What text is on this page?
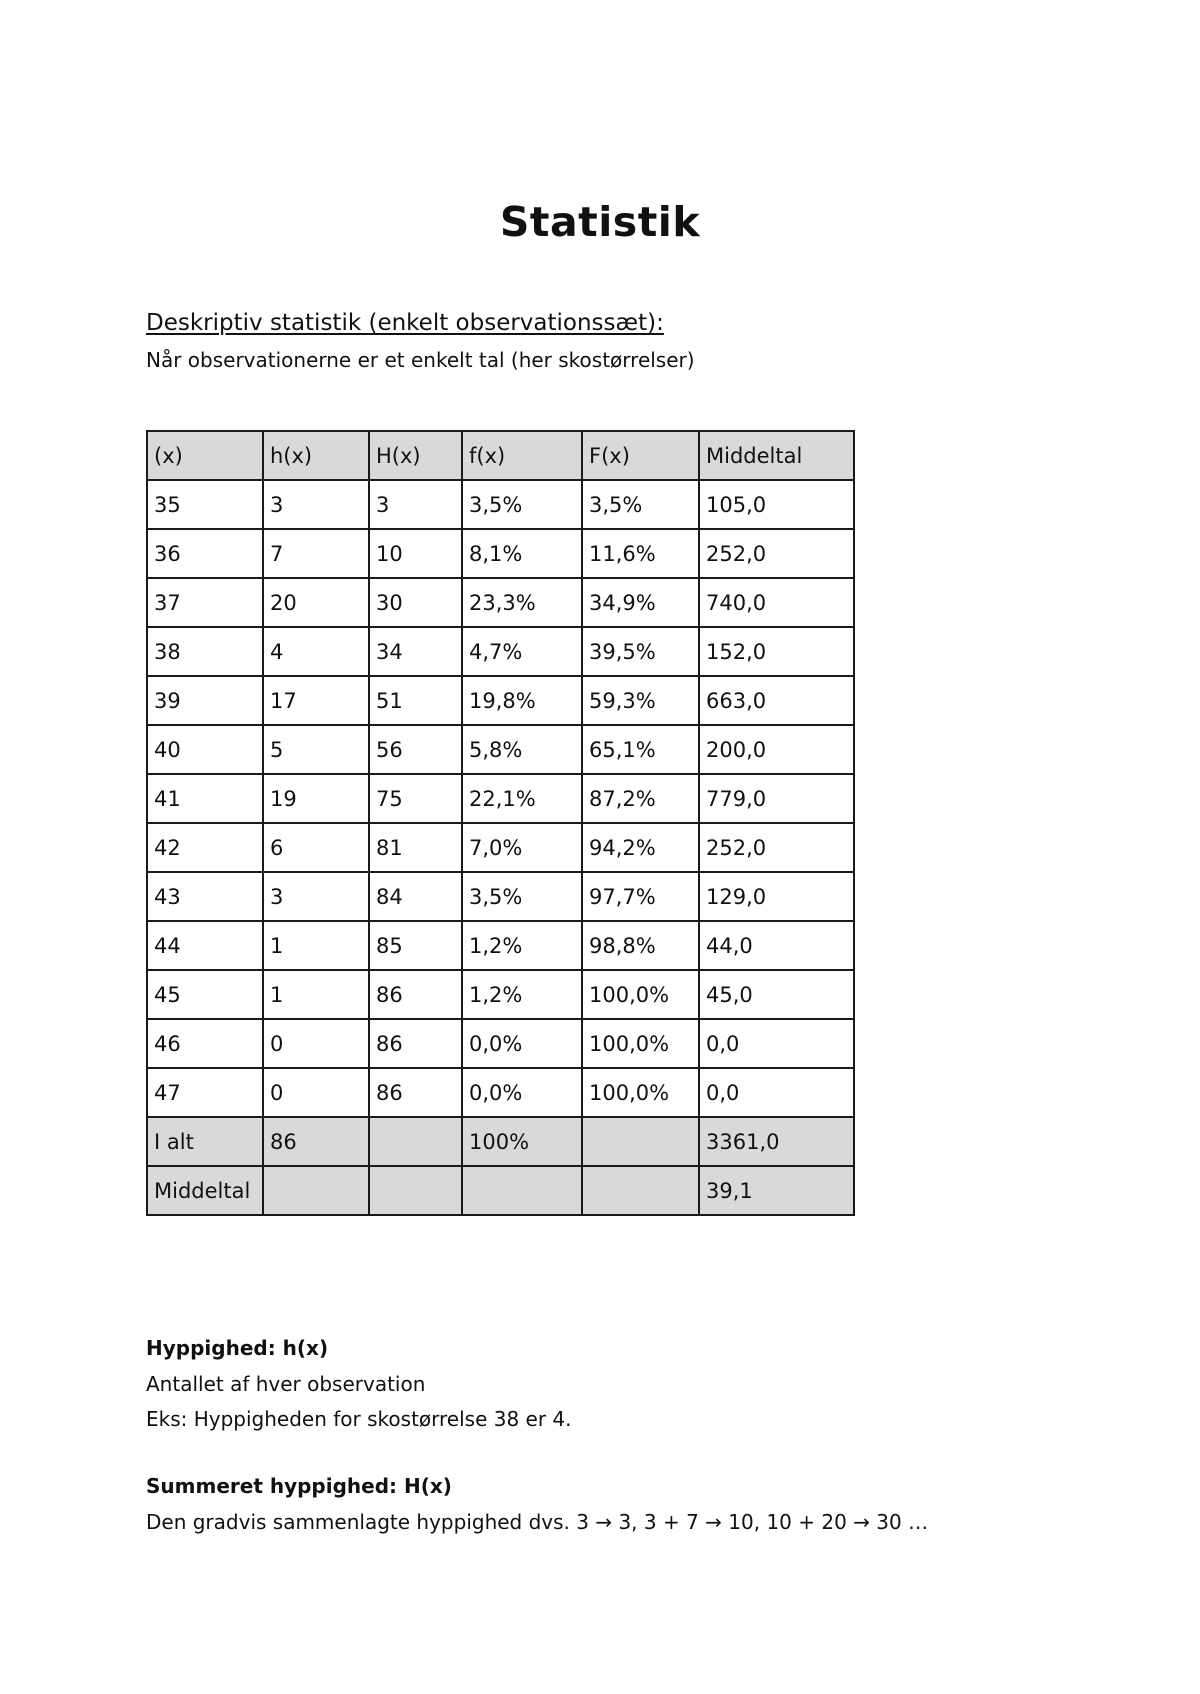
Statistik
Deskriptiv statistik (enkelt observationssæt):
Når observationerne er et enkelt tal (her skostørrelser)
(x)	h(x)	H(x)	f(x)	F(x)	Middeltal
35	3	3	3,5%	3,5%	105,0
36	7	10	8,1%	11,6%	252,0
37	20	30	23,3%	34,9%	740,0
38	4	34	4,7%	39,5%	152,0
39	17	51	19,8%	59,3%	663,0
40	5	56	5,8%	65,1%	200,0
41	19	75	22,1%	87,2%	779,0
42	6	81	7,0%	94,2%	252,0
43	3	84	3,5%	97,7%	129,0
44	1	85	1,2%	98,8%	44,0
45	1	86	1,2%	100,0%	45,0
46	0	86	0,0%	100,0%	0,0
47	0	86	0,0%	100,0%	0,0
I alt	86		100%		3361,0
Middeltal					39,1
Hyppighed: h(x)
Antallet af hver observation
Eks: Hyppigheden for skostørrelse 38 er 4.
Summeret hyppighed: H(x)
Den gradvis sammenlagte hyppighed dvs. 3 → 3, 3 + 7 → 10, 10 + 20 → 30 …
